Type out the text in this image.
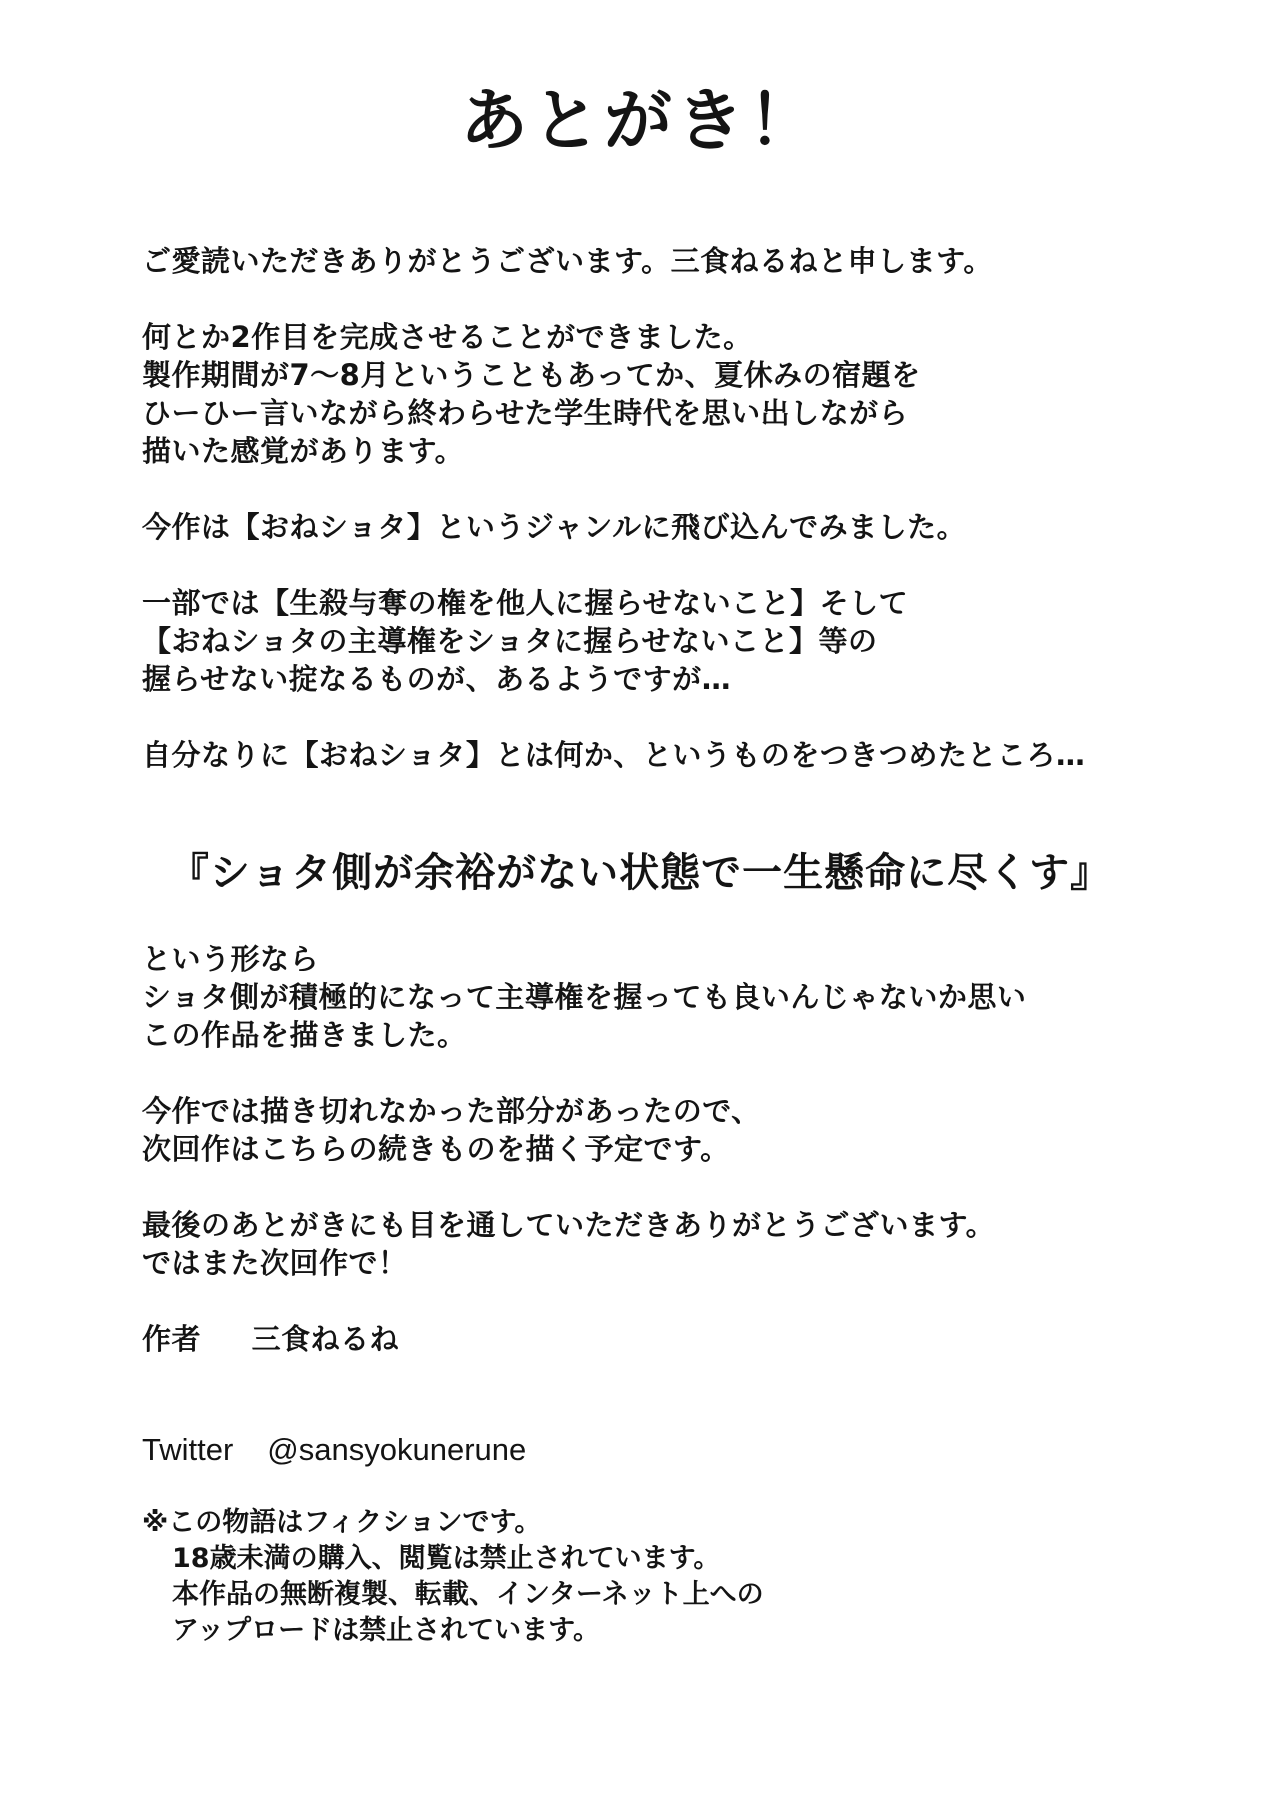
あとがき！
ご愛読いただきありがとうございます。三食ねるねと申します。
何とか2作目を完成させることができました。
製作期間が7～8月ということもあってか、夏休みの宿題を
ひーひー言いながら終わらせた学生時代を思い出しながら
描いた感覚があります。
今作は【おねショタ】というジャンルに飛び込んでみました。
一部では【生殺与奪の権を他人に握らせないこと】そして
【おねショタの主導権をショタに握らせないこと】等の
握らせない掟なるものが、あるようですが…
自分なりに【おねショタ】とは何か、というものをつきつめたところ…
『ショタ側が余裕がない状態で一生懸命に尽くす』
という形なら
ショタ側が積極的になって主導権を握っても良いんじゃないか思い
この作品を描きました。
今作では描き切れなかった部分があったので、
次回作はこちらの続きものを描く予定です。
最後のあとがきにも目を通していただきありがとうございます。
ではまた次回作で！
作者 三食ねるね
Twitter @sansyokunerune
※この物語はフィクションです。
18歳未満の購入、閲覧は禁止されています。
本作品の無断複製、転載、インターネット上への
アップロードは禁止されています。
